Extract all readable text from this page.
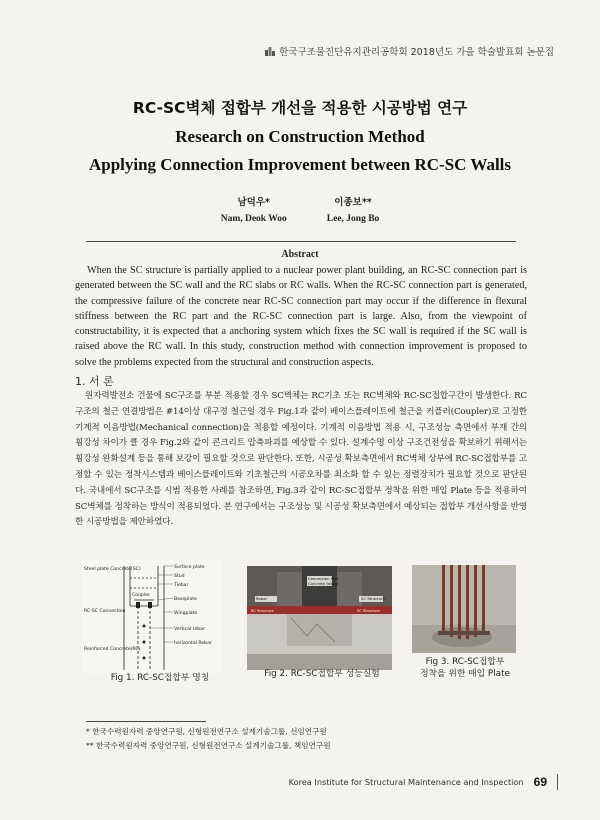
한국구조물진단유지관리공학회 2018년도 가을 학술발표회 논문집
RC-SC벽체 접합부 개선을 적용한 시공방법 연구
Research on Construction Method
Applying Connection Improvement between RC-SC Walls
남덕우*
Nam, Deok Woo
이종보**
Lee, Jong Bo
Abstract
When the SC structure is partially applied to a nuclear power plant building, an RC-SC connection part is generated between the SC wall and the RC slabs or RC walls. When the RC-SC connection part is generated, the compressive failure of the concrete near RC-SC connection part may occur if the difference in flexural stiffness between the RC part and the RC-SC connection part is large. Also, from the viewpoint of constructability, it is expected that a anchoring system which fixes the SC wall is required if the SC wall is raised above the RC wall. In this study, construction method with connection improvement is proposed to solve the problems expected from the structural and construction aspects.
1. 서 론
원자력발전소 건물에 SC구조를 부분 적용할 경우 SC벽체는 RC기초 또는 RC벽체와 RC-SC접합구간이 발생한다. RC구조의 철근 연결방법은 #14이상 대구경 철근일 경우 Fig.1과 같이 베이스플레이트에 철근을 커플러(Coupler)로 고정한 기계적 이음방법(Mechanical connection)을 적용할 예정이다. 기계적 이음방법 적용 시, 구조성능 측면에서 부재 간의 휨강성 차이가 클 경우 Fig.2와 같이 콘크리트 압축파괴를 예상할 수 있다. 설계수명 이상 구조건전성을 확보하기 위해서는 휨강성 완화설계 등을 통해 보강이 필요할 것으로 판단한다. 또한, 시공성 확보측면에서 RC벽체 상부에 RC-SC접합부를 고정할 수 있는 정착시스템과 베이스플레이트와 기초철근의 시공오차를 최소화 할 수 있는 정렬장치가 필요할 것으로 판단된다. 국내에서 SC구조를 시범 적용한 사례를 참조하면, Fig.3과 같이 RC-SC접합부 정착을 위한 매입 Plate 등을 적용하여 SC벽체를 정착하는 방식이 적용되었다. 본 연구에서는 구조성능 및 시공성 확보측면에서 예상되는 접합부 개선사항을 반영한 시공방법을 제안하였다.
Steel plate Concrete(SC)
Coupler
RC-SC Connection
Reinforced Concrete(RC)
Surface plate
Stud
Tiebar
Baseplate
Wingplate
Vertical rebar
horizontal Rebar
Rebar	SC Structure
Connection Part
Concrete failure
RC Structure	SC Structure
Fig 1. RC-SC접합부 명칭	Fig 2. RC-SC접합부 성능실험
Fig 3. RC-SC접합부
정착을 위한 매입 Plate
* 한국수력원자력 중앙연구원, 신형원전연구소 설계기술그룹, 선임연구원
** 한국수력원자력 중앙연구원, 신형원전연구소 설계기술그룹, 책임연구원
Korea Institute for Structural Maintenance and Inspection 69
